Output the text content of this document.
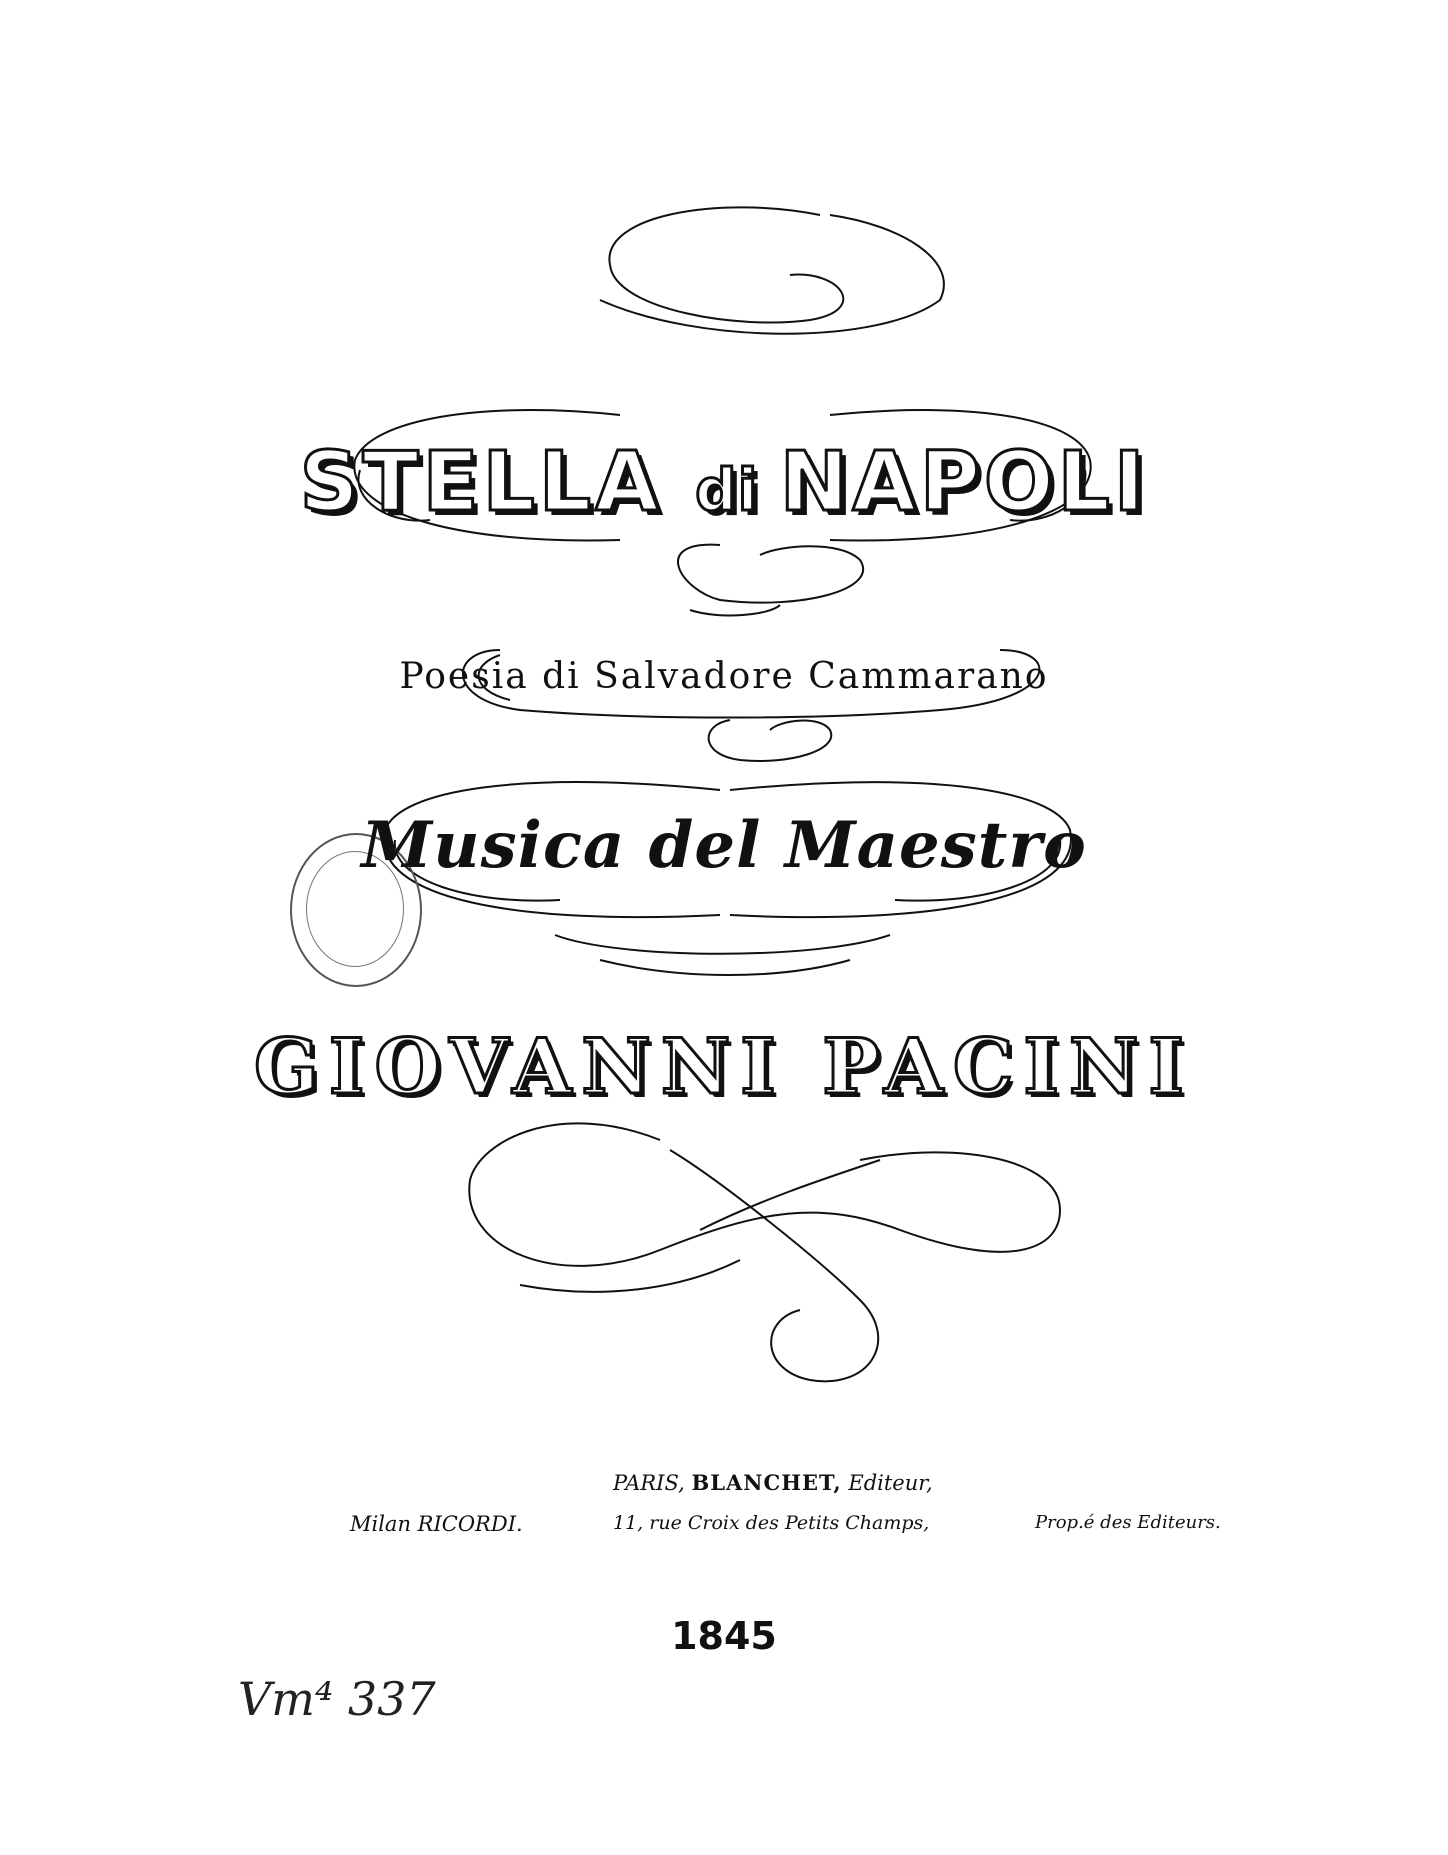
STELLA di NAPOLI
Poesia di Salvadore Cammarano
Musica del Maestro
GIOVANNI PACINI
PARIS, BLANCHET, Editeur,
11, rue Croix des Petits Champs,
Milan RICORDI.	Prop.é des Editeurs.
1845
Vm⁴ 337
